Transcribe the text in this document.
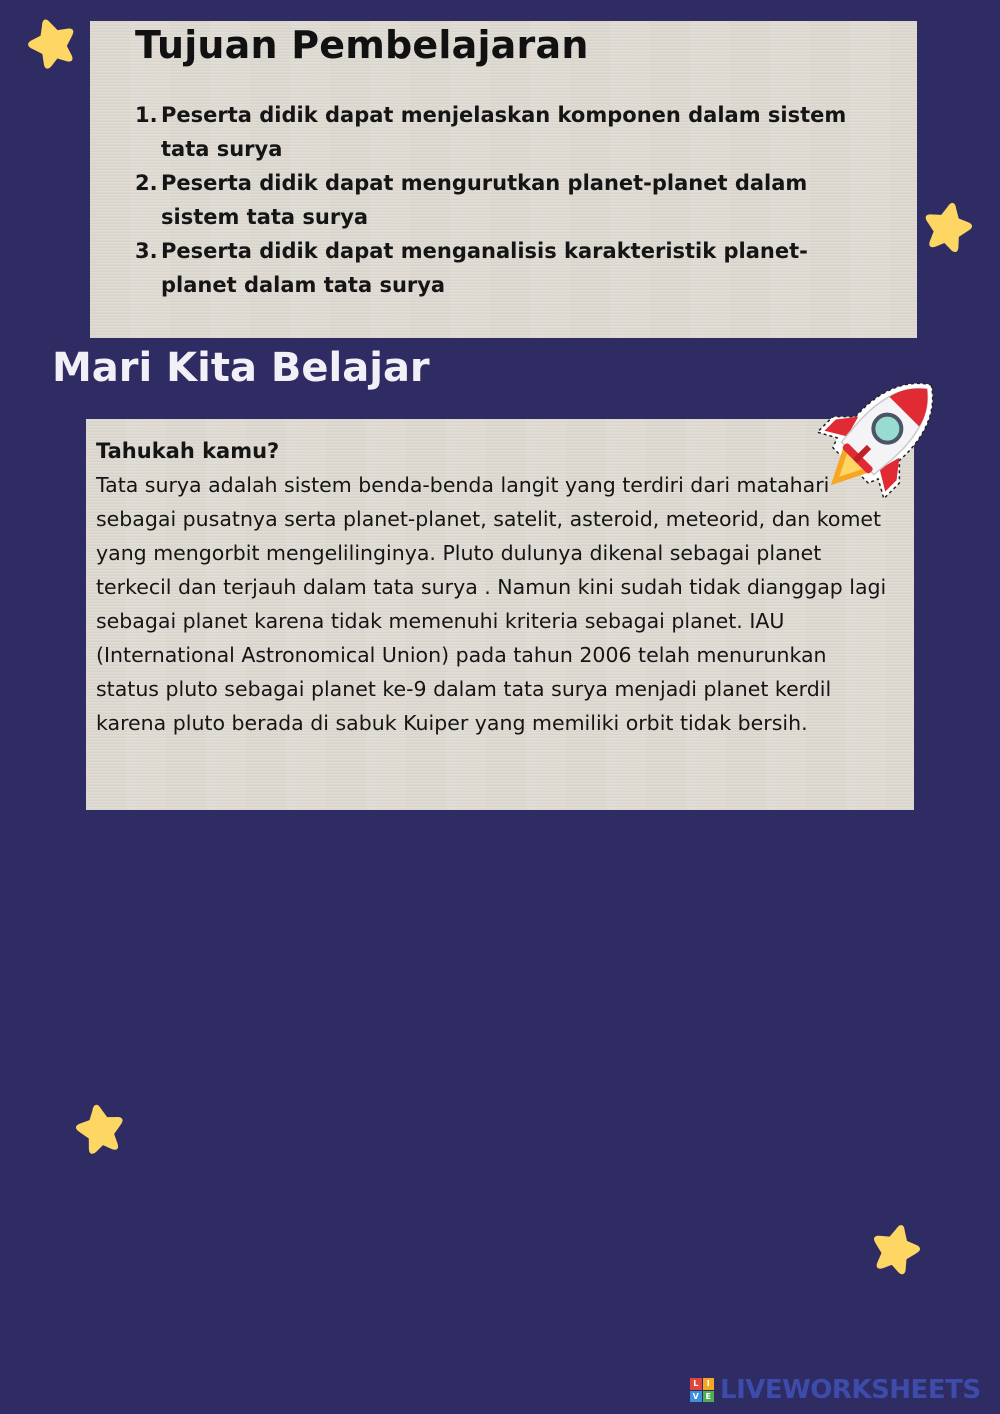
Tujuan Pembelajaran
1. Peserta didik dapat menjelaskan komponen dalam sistem tata surya
2. Peserta didik dapat mengurutkan planet-planet dalam sistem tata surya
3. Peserta didik dapat menganalisis karakteristik planet-planet dalam tata surya
Mari Kita Belajar

Tahukah kamu?

Tata surya adalah sistem benda-benda langit yang terdiri dari matahari sebagai pusatnya serta planet-planet, satelit, asteroid, meteorid, dan komet yang mengorbit mengelilinginya. Pluto dulunya dikenal sebagai planet terkecil dan terjauh dalam tata surya . Namun kini sudah tidak dianggap lagi sebagai planet karena tidak memenuhi kriteria sebagai planet. IAU (International Astronomical Union) pada tahun 2006 telah menurunkan status pluto sebagai planet ke-9 dalam tata surya menjadi planet kerdil karena pluto berada di sabuk Kuiper yang memiliki orbit tidak bersih.

L	I
V E LIVEWORKSHEETS
